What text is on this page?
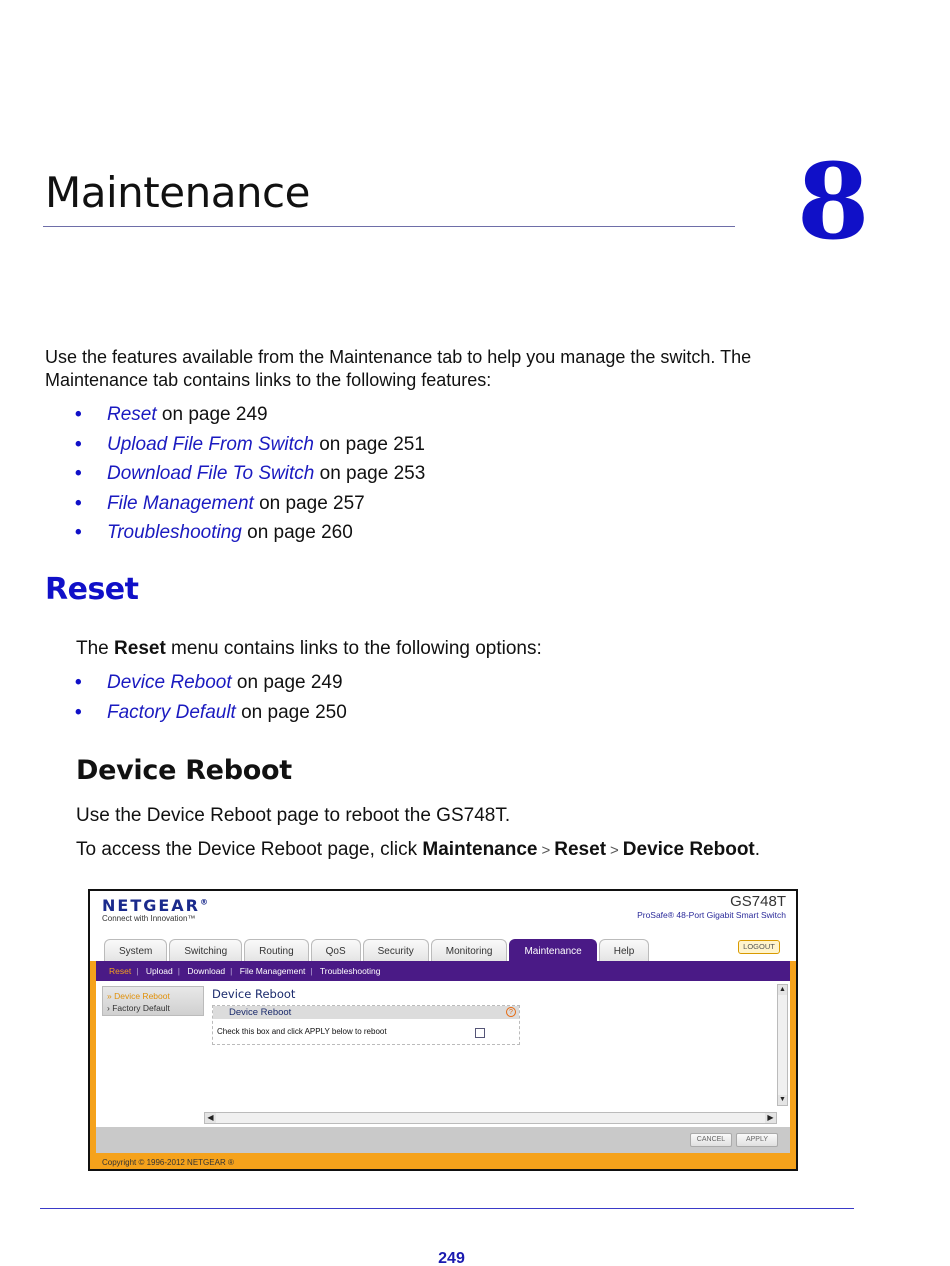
Maintenance	8

Use the features available from the Maintenance tab to help you manage the switch. The Maintenance tab contains links to the following features:

• Reset on page 249
• Upload File From Switch on page 251
• Download File To Switch on page 253
• File Management on page 257
• Troubleshooting on page 260
Reset

The Reset menu contains links to the following options:

• Device Reboot on page 249
• Factory Default on page 250
Device Reboot

Use the Device Reboot page to reboot the GS748T.

To access the Device Reboot page, click Maintenance > Reset > Device Reboot.

NETGEAR®
Connect with Innovation™
GS748T
ProSafe® 48-Port Gigabit Smart Switch
System	Switching	Routing	QoS	Security	Monitoring	Maintenance	Help	LOGOUT
Reset | Upload | Download | File Management | Troubleshooting
» Device Reboot
› Factory Default
Device Reboot
Device Reboot	?
Check this box and click APPLY below to reboot
▲
▼
◀	▶
CANCEL	APPLY
Copyright © 1996-2012 NETGEAR ®
249
